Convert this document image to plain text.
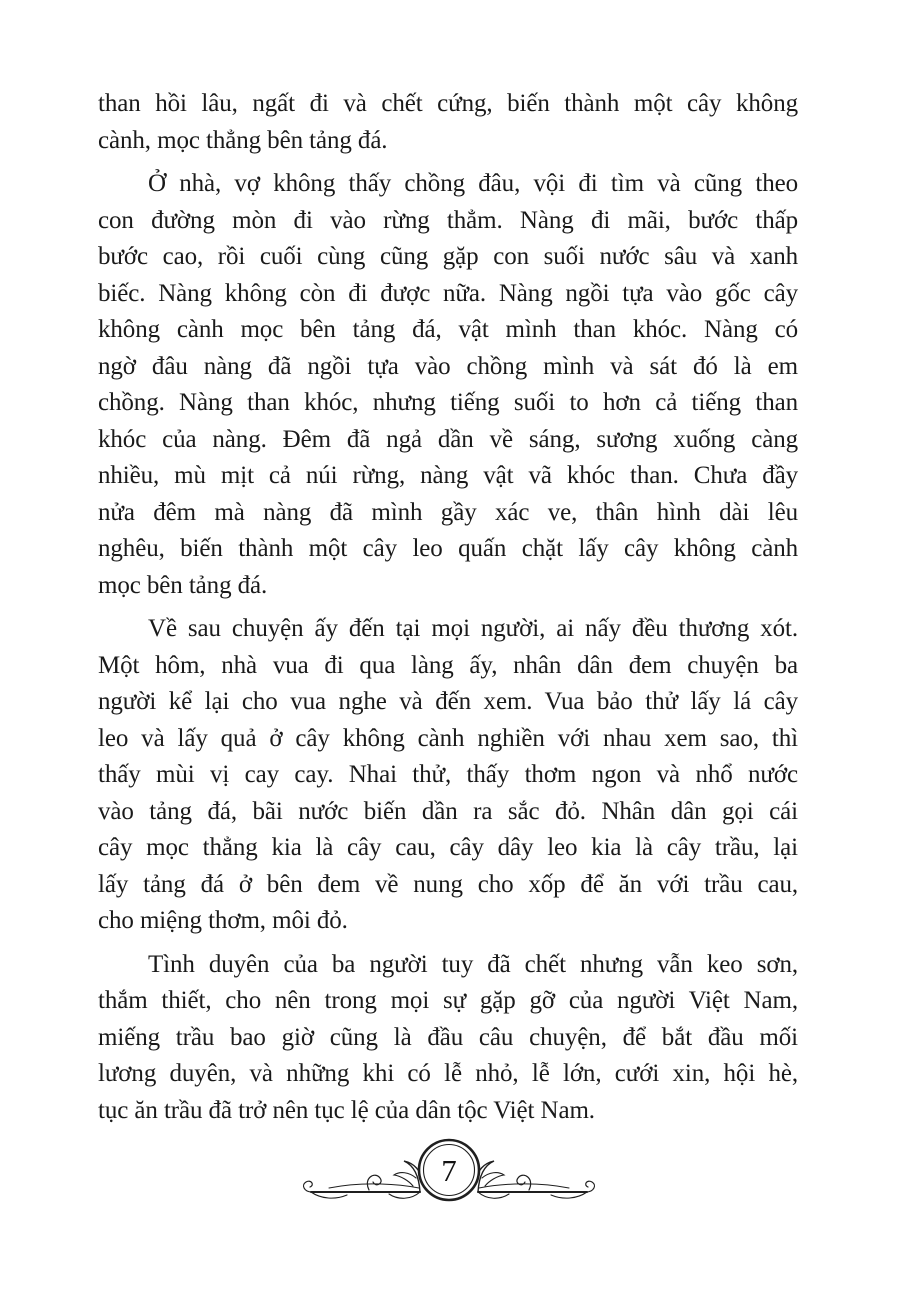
than hồi lâu, ngất đi và chết cứng, biến thành một cây không
cành, mọc thẳng bên tảng đá.

Ở nhà, vợ không thấy chồng đâu, vội đi tìm và cũng theo
con đường mòn đi vào rừng thẳm. Nàng đi mãi, bước thấp
bước cao, rồi cuối cùng cũng gặp con suối nước sâu và xanh
biếc. Nàng không còn đi được nữa. Nàng ngồi tựa vào gốc cây
không cành mọc bên tảng đá, vật mình than khóc. Nàng có
ngờ đâu nàng đã ngồi tựa vào chồng mình và sát đó là em
chồng. Nàng than khóc, nhưng tiếng suối to hơn cả tiếng than
khóc của nàng. Đêm đã ngả dần về sáng, sương xuống càng
nhiều, mù mịt cả núi rừng, nàng vật vã khóc than. Chưa đầy
nửa đêm mà nàng đã mình gầy xác ve, thân hình dài lêu
nghêu, biến thành một cây leo quấn chặt lấy cây không cành
mọc bên tảng đá.

Về sau chuyện ấy đến tại mọi người, ai nấy đều thương xót.
Một hôm, nhà vua đi qua làng ấy, nhân dân đem chuyện ba
người kể lại cho vua nghe và đến xem. Vua bảo thử lấy lá cây
leo và lấy quả ở cây không cành nghiền với nhau xem sao, thì
thấy mùi vị cay cay. Nhai thử, thấy thơm ngon và nhổ nước
vào tảng đá, bãi nước biến dần ra sắc đỏ. Nhân dân gọi cái
cây mọc thẳng kia là cây cau, cây dây leo kia là cây trầu, lại
lấy tảng đá ở bên đem về nung cho xốp để ăn với trầu cau,
cho miệng thơm, môi đỏ.

Tình duyên của ba người tuy đã chết nhưng vẫn keo sơn,
thắm thiết, cho nên trong mọi sự gặp gỡ của người Việt Nam,
miếng trầu bao giờ cũng là đầu câu chuyện, để bắt đầu mối
lương duyên, và những khi có lễ nhỏ, lễ lớn, cưới xin, hội hè,
tục ăn trầu đã trở nên tục lệ của dân tộc Việt Nam.

7
